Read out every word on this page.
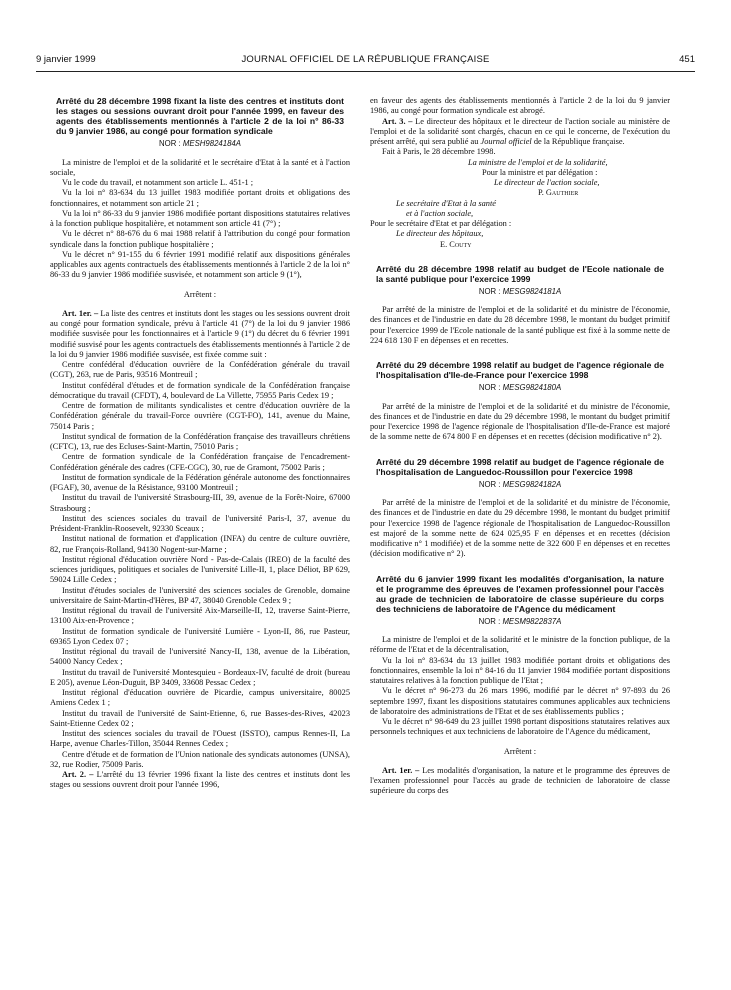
9 janvier 1999	JOURNAL OFFICIEL DE LA RÉPUBLIQUE FRANÇAISE	451
Arrêté du 28 décembre 1998 fixant la liste des centres et instituts dont les stages ou sessions ouvrant droit pour l'année 1999, en faveur des agents des établissements mentionnés à l'article 2 de la loi n° 86-33 du 9 janvier 1986, au congé pour formation syndicale
NOR : MESH9824184A

La ministre de l'emploi et de la solidarité et le secrétaire d'Etat à la santé et à l'action sociale,

Vu le code du travail, et notamment son article L. 451-1 ;

Vu la loi n° 83-634 du 13 juillet 1983 modifiée portant droits et obligations des fonctionnaires, et notamment son article 21 ;

Vu la loi n° 86-33 du 9 janvier 1986 modifiée portant dispositions statutaires relatives à la fonction publique hospitalière, et notamment son article 41 (7°) ;

Vu le décret n° 88-676 du 6 mai 1988 relatif à l'attribution du congé pour formation syndicale dans la fonction publique hospitalière ;

Vu le décret n° 91-155 du 6 février 1991 modifié relatif aux dispositions générales applicables aux agents contractuels des établissements mentionnés à l'article 2 de la loi n° 86-33 du 9 janvier 1986 modifiée susvisée, et notamment son article 9 (1°),

Arrêtent :

Art. 1er. – La liste des centres et instituts dont les stages ou les sessions ouvrent droit au congé pour formation syndicale, prévu à l'article 41 (7°) de la loi du 9 janvier 1986 modifiée susvisée pour les fonctionnaires et à l'article 9 (1°) du décret du 6 février 1991 modifié susvisé pour les agents contractuels des établissements mentionnés à l'article 2 de la loi du 9 janvier 1986 modifiée susvisée, est fixée comme suit :

Centre confédéral d'éducation ouvrière de la Confédération générale du travail (CGT), 263, rue de Paris, 93516 Montreuil ;

Institut confédéral d'études et de formation syndicale de la Confédération française démocratique du travail (CFDT), 4, boulevard de La Villette, 75955 Paris Cedex 19 ;

Centre de formation de militants syndicalistes et centre d'éducation ouvrière de la Confédération générale du travail-Force ouvrière (CGT-FO), 141, avenue du Maine, 75014 Paris ;

Institut syndical de formation de la Confédération française des travailleurs chrétiens (CFTC), 13, rue des Ecluses-Saint-Martin, 75010 Paris ;

Centre de formation syndicale de la Confédération française de l'encadrement-Confédération générale des cadres (CFE-CGC), 30, rue de Gramont, 75002 Paris ;

Institut de formation syndicale de la Fédération générale autonome des fonctionnaires (FGAF), 30, avenue de la Résistance, 93100 Montreuil ;

Institut du travail de l'université Strasbourg-III, 39, avenue de la Forêt-Noire, 67000 Strasbourg ;

Institut des sciences sociales du travail de l'université Paris-I, 37, avenue du Président-Franklin-Roosevelt, 92330 Sceaux ;

Institut national de formation et d'application (INFA) du centre de culture ouvrière, 82, rue François-Rolland, 94130 Nogent-sur-Marne ;

Institut régional d'éducation ouvrière Nord - Pas-de-Calais (IREO) de la faculté des sciences juridiques, politiques et sociales de l'université Lille-II, 1, place Déliot, BP 629, 59024 Lille Cedex ;

Institut d'études sociales de l'université des sciences sociales de Grenoble, domaine universitaire de Saint-Martin-d'Hères, BP 47, 38040 Grenoble Cedex 9 ;

Institut régional du travail de l'université Aix-Marseille-II, 12, traverse Saint-Pierre, 13100 Aix-en-Provence ;

Institut de formation syndicale de l'université Lumière - Lyon-II, 86, rue Pasteur, 69365 Lyon Cedex 07 ;

Institut régional du travail de l'université Nancy-II, 138, avenue de la Libération, 54000 Nancy Cedex ;

Institut du travail de l'université Montesquieu - Bordeaux-IV, faculté de droit (bureau E 205), avenue Léon-Duguit, BP 3409, 33608 Pessac Cedex ;

Institut régional d'éducation ouvrière de Picardie, campus universitaire, 80025 Amiens Cedex 1 ;

Institut du travail de l'université de Saint-Etienne, 6, rue Basses-des-Rives, 42023 Saint-Etienne Cedex 02 ;

Institut des sciences sociales du travail de l'Ouest (ISSTO), campus Rennes-II, La Harpe, avenue Charles-Tillon, 35044 Rennes Cedex ;

Centre d'étude et de formation de l'Union nationale des syndicats autonomes (UNSA), 32, rue Rodier, 75009 Paris.

Art. 2. – L'arrêté du 13 février 1996 fixant la liste des centres et instituts dont les stages ou sessions ouvrent droit pour l'année 1996,

en faveur des agents des établissements mentionnés à l'article 2 de la loi du 9 janvier 1986, au congé pour formation syndicale est abrogé.

Art. 3. – Le directeur des hôpitaux et le directeur de l'action sociale au ministère de l'emploi et de la solidarité sont chargés, chacun en ce qui le concerne, de l'exécution du présent arrêté, qui sera publié au Journal officiel de la République française.

Fait à Paris, le 28 décembre 1998.

La ministre de l'emploi et de la solidarité,

Pour la ministre et par délégation :

Le directeur de l'action sociale,

P. Gauthier

Le secrétaire d'Etat à la santé

et à l'action sociale,

Pour le secrétaire d'Etat et par délégation :

Le directeur des hôpitaux,

E. Couty

Arrêté du 28 décembre 1998 relatif au budget de l'Ecole nationale de la santé publique pour l'exercice 1999
NOR : MESG9824181A

Par arrêté de la ministre de l'emploi et de la solidarité et du ministre de l'économie, des finances et de l'industrie en date du 28 décembre 1998, le montant du budget primitif pour l'exercice 1999 de l'Ecole nationale de la santé publique est fixé à la somme nette de 224 618 130 F en dépenses et en recettes.

Arrêté du 29 décembre 1998 relatif au budget de l'agence régionale de l'hospitalisation d'Ile-de-France pour l'exercice 1998
NOR : MESG9824180A

Par arrêté de la ministre de l'emploi et de la solidarité et du ministre de l'économie, des finances et de l'industrie en date du 29 décembre 1998, le montant du budget primitif pour l'exercice 1998 de l'agence régionale de l'hospitalisation d'Ile-de-France est majoré de la somme nette de 674 800 F en dépenses et en recettes (décision modificative n° 2).

Arrêté du 29 décembre 1998 relatif au budget de l'agence régionale de l'hospitalisation de Languedoc-Roussillon pour l'exercice 1998
NOR : MESG9824182A

Par arrêté de la ministre de l'emploi et de la solidarité et du ministre de l'économie, des finances et de l'industrie en date du 29 décembre 1998, le montant du budget primitif pour l'exercice 1998 de l'agence régionale de l'hospitalisation de Languedoc-Roussillon est majoré de la somme nette de 624 025,95 F en dépenses et en recettes (décision modificative n° 1 modifiée) et de la somme nette de 322 600 F en dépenses et en recettes (décision modificative n° 2).

Arrêté du 6 janvier 1999 fixant les modalités d'organisation, la nature et le programme des épreuves de l'examen professionnel pour l'accès au grade de technicien de laboratoire de classe supérieure du corps des techniciens de laboratoire de l'Agence du médicament
NOR : MESM9822837A

La ministre de l'emploi et de la solidarité et le ministre de la fonction publique, de la réforme de l'Etat et de la décentralisation,

Vu la loi n° 83-634 du 13 juillet 1983 modifiée portant droits et obligations des fonctionnaires, ensemble la loi n° 84-16 du 11 janvier 1984 modifiée portant dispositions statutaires relatives à la fonction publique de l'Etat ;

Vu le décret n° 96-273 du 26 mars 1996, modifié par le décret n° 97-893 du 26 septembre 1997, fixant les dispositions statutaires communes applicables aux techniciens de laboratoire des administrations de l'Etat et de ses établissements publics ;

Vu le décret n° 98-649 du 23 juillet 1998 portant dispositions statutaires relatives aux personnels techniques et aux techniciens de laboratoire de l'Agence du médicament,

Arrêtent :

Art. 1er. – Les modalités d'organisation, la nature et le programme des épreuves de l'examen professionnel pour l'accès au grade de technicien de laboratoire de classe supérieure du corps des
